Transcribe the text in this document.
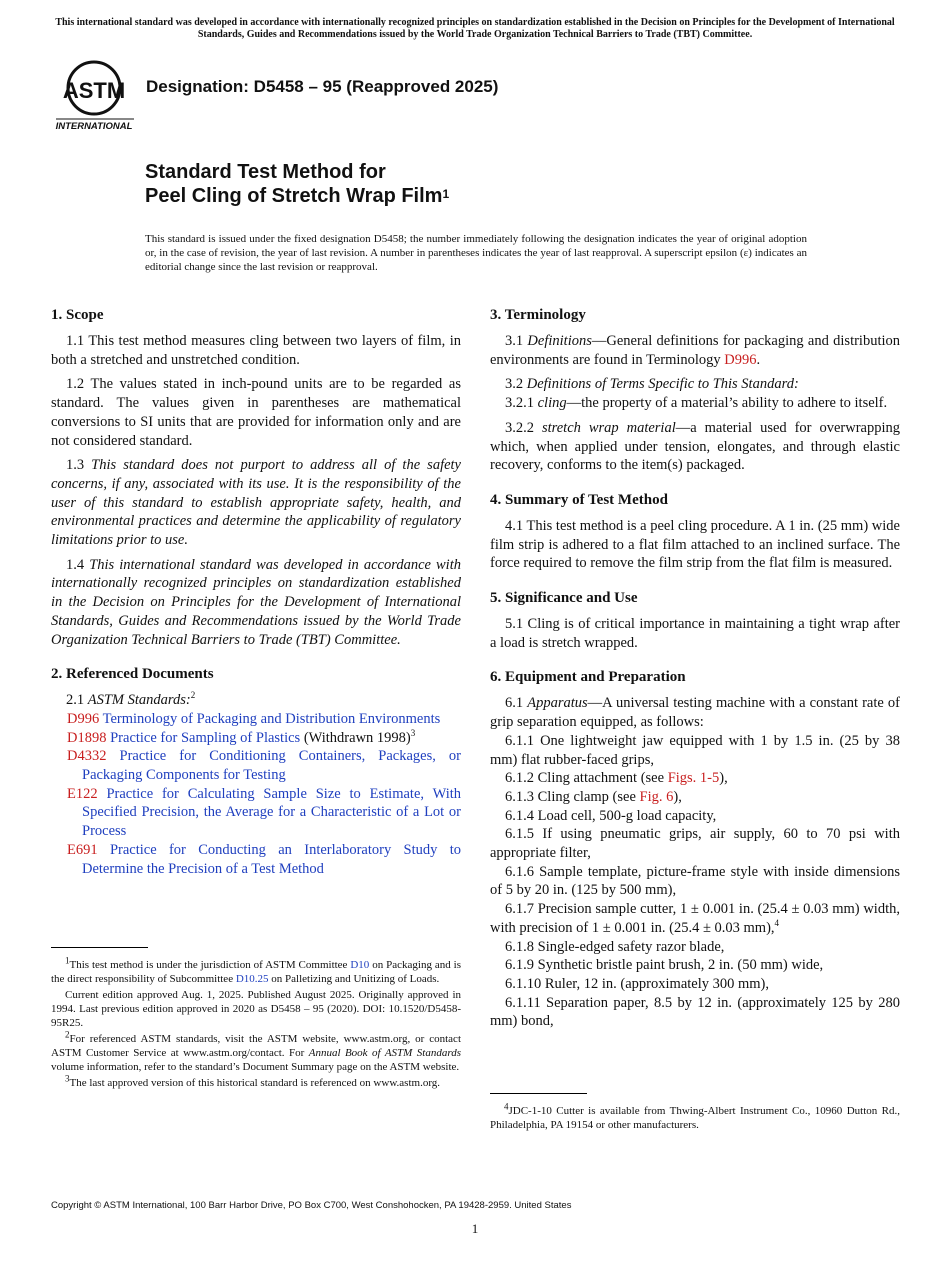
This international standard was developed in accordance with internationally recognized principles on standardization established in the Decision on Principles for the Development of International Standards, Guides and Recommendations issued by the World Trade Organization Technical Barriers to Trade (TBT) Committee.
ASTM
INTERNATIONAL
Designation: D5458 – 95 (Reapproved 2025)
Standard Test Method for
Peel Cling of Stretch Wrap Film$^1$
This standard is issued under the fixed designation D5458; the number immediately following the designation indicates the year of original adoption or, in the case of revision, the year of last revision. A number in parentheses indicates the year of last reapproval. A superscript epsilon (ε) indicates an editorial change since the last revision or reapproval.
1. Scope

1.1 This test method measures cling between two layers of film, in both a stretched and unstretched condition.

1.2 The values stated in inch-pound units are to be regarded as standard. The values given in parentheses are mathematical conversions to SI units that are provided for information only and are not considered standard.

1.3 This standard does not purport to address all of the safety concerns, if any, associated with its use. It is the responsibility of the user of this standard to establish appropriate safety, health, and environmental practices and determine the applicability of regulatory limitations prior to use.

1.4 This international standard was developed in accordance with internationally recognized principles on standardization established in the Decision on Principles for the Development of International Standards, Guides and Recommendations issued by the World Trade Organization Technical Barriers to Trade (TBT) Committee.

2. Referenced Documents

2.1 ASTM Standards:$^2$

D996 Terminology of Packaging and Distribution Environments

D1898 Practice for Sampling of Plastics (Withdrawn 1998)$^3$

D4332 Practice for Conditioning Containers, Packages, or Packaging Components for Testing

E122 Practice for Calculating Sample Size to Estimate, With Specified Precision, the Average for a Characteristic of a Lot or Process

E691 Practice for Conducting an Interlaboratory Study to Determine the Precision of a Test Method

$^1$This test method is under the jurisdiction of ASTM Committee D10 on Packaging and is the direct responsibility of Subcommittee D10.25 on Palletizing and Unitizing of Loads.

Current edition approved Aug. 1, 2025. Published August 2025. Originally approved in 1994. Last previous edition approved in 2020 as D5458 – 95 (2020). DOI: 10.1520/D5458-95R25.

$^2$For referenced ASTM standards, visit the ASTM website, www.astm.org, or contact ASTM Customer Service at www.astm.org/contact. For Annual Book of ASTM Standards volume information, refer to the standard’s Document Summary page on the ASTM website.

$^3$The last approved version of this historical standard is referenced on www.astm.org.

3. Terminology

3.1 Definitions—General definitions for packaging and distribution environments are found in Terminology D996.

3.2 Definitions of Terms Specific to This Standard:

3.2.1 cling—the property of a material’s ability to adhere to itself.

3.2.2 stretch wrap material—a material used for overwrapping which, when applied under tension, elongates, and through elastic recovery, conforms to the item(s) packaged.

4. Summary of Test Method

4.1 This test method is a peel cling procedure. A 1 in. (25 mm) wide film strip is adhered to a flat film attached to an inclined surface. The force required to remove the film strip from the flat film is measured.

5. Significance and Use

5.1 Cling is of critical importance in maintaining a tight wrap after a load is stretch wrapped.

6. Equipment and Preparation

6.1 Apparatus—A universal testing machine with a constant rate of grip separation equipped, as follows:

6.1.1 One lightweight jaw equipped with 1 by 1.5 in. (25 by 38 mm) flat rubber-faced grips,

6.1.2 Cling attachment (see Figs. 1-5),

6.1.3 Cling clamp (see Fig. 6),

6.1.4 Load cell, 500-g load capacity,

6.1.5 If using pneumatic grips, air supply, 60 to 70 psi with appropriate filter,

6.1.6 Sample template, picture-frame style with inside dimensions of 5 by 20 in. (125 by 500 mm),

6.1.7 Precision sample cutter, 1 ± 0.001 in. (25.4 ± 0.03 mm) width, with precision of 1 ± 0.001 in. (25.4 ± 0.03 mm),$^4$

6.1.8 Single-edged safety razor blade,

6.1.9 Synthetic bristle paint brush, 2 in. (50 mm) wide,

6.1.10 Ruler, 12 in. (approximately 300 mm),

6.1.11 Separation paper, 8.5 by 12 in. (approximately 125 by 280 mm) bond,

$^4$JDC-1-10 Cutter is available from Thwing-Albert Instrument Co., 10960 Dutton Rd., Philadelphia, PA 19154 or other manufacturers.

Copyright © ASTM International, 100 Barr Harbor Drive, PO Box C700, West Conshohocken, PA 19428-2959. United States
1
